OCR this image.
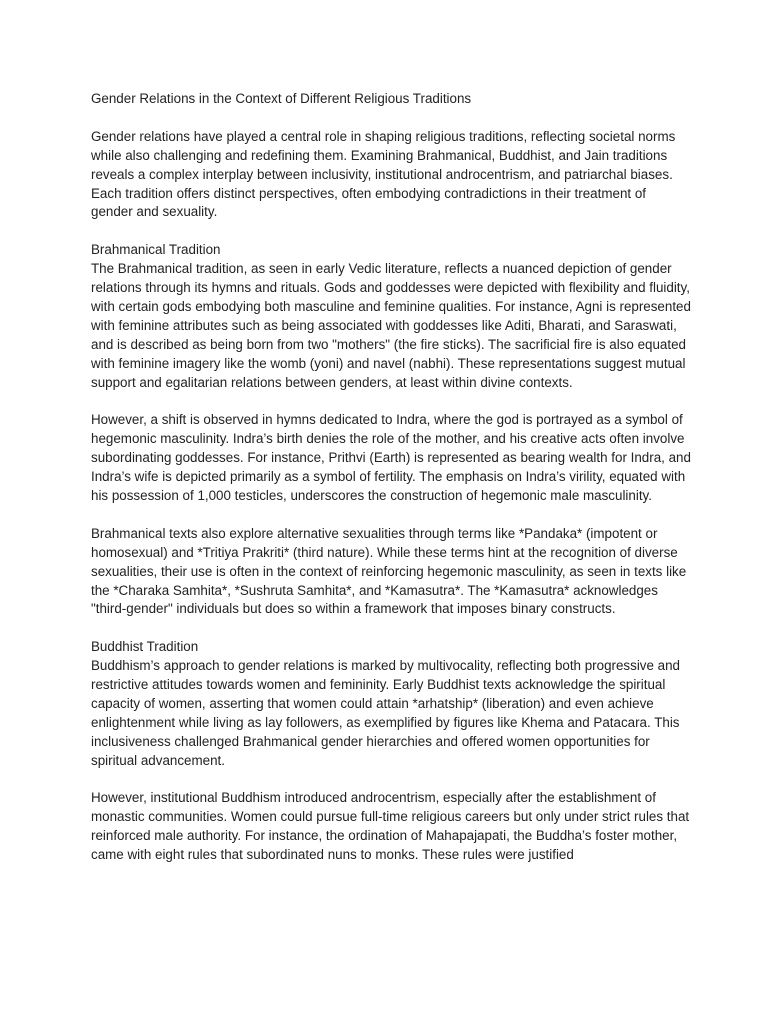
Gender Relations in the Context of Different Religious Traditions

Gender relations have played a central role in shaping religious traditions, reflecting societal norms while also challenging and redefining them. Examining Brahmanical, Buddhist, and Jain traditions reveals a complex interplay between inclusivity, institutional androcentrism, and patriarchal biases. Each tradition offers distinct perspectives, often embodying contradictions in their treatment of gender and sexuality.

Brahmanical Tradition
The Brahmanical tradition, as seen in early Vedic literature, reflects a nuanced depiction of gender relations through its hymns and rituals. Gods and goddesses were depicted with flexibility and fluidity, with certain gods embodying both masculine and feminine qualities. For instance, Agni is represented with feminine attributes such as being associated with goddesses like Aditi, Bharati, and Saraswati, and is described as being born from two "mothers" (the fire sticks). The sacrificial fire is also equated with feminine imagery like the womb (yoni) and navel (nabhi). These representations suggest mutual support and egalitarian relations between genders, at least within divine contexts.

However, a shift is observed in hymns dedicated to Indra, where the god is portrayed as a symbol of hegemonic masculinity. Indra’s birth denies the role of the mother, and his creative acts often involve subordinating goddesses. For instance, Prithvi (Earth) is represented as bearing wealth for Indra, and Indra’s wife is depicted primarily as a symbol of fertility. The emphasis on Indra’s virility, equated with his possession of 1,000 testicles, underscores the construction of hegemonic male masculinity.

Brahmanical texts also explore alternative sexualities through terms like *Pandaka* (impotent or homosexual) and *Tritiya Prakriti* (third nature). While these terms hint at the recognition of diverse sexualities, their use is often in the context of reinforcing hegemonic masculinity, as seen in texts like the *Charaka Samhita*, *Sushruta Samhita*, and *Kamasutra*. The *Kamasutra* acknowledges "third-gender" individuals but does so within a framework that imposes binary constructs.

Buddhist Tradition
Buddhism’s approach to gender relations is marked by multivocality, reflecting both progressive and restrictive attitudes towards women and femininity. Early Buddhist texts acknowledge the spiritual capacity of women, asserting that women could attain *arhatship* (liberation) and even achieve enlightenment while living as lay followers, as exemplified by figures like Khema and Patacara. This inclusiveness challenged Brahmanical gender hierarchies and offered women opportunities for spiritual advancement.

However, institutional Buddhism introduced androcentrism, especially after the establishment of monastic communities. Women could pursue full-time religious careers but only under strict rules that reinforced male authority. For instance, the ordination of Mahapajapati, the Buddha’s foster mother, came with eight rules that subordinated nuns to monks. These rules were justified
